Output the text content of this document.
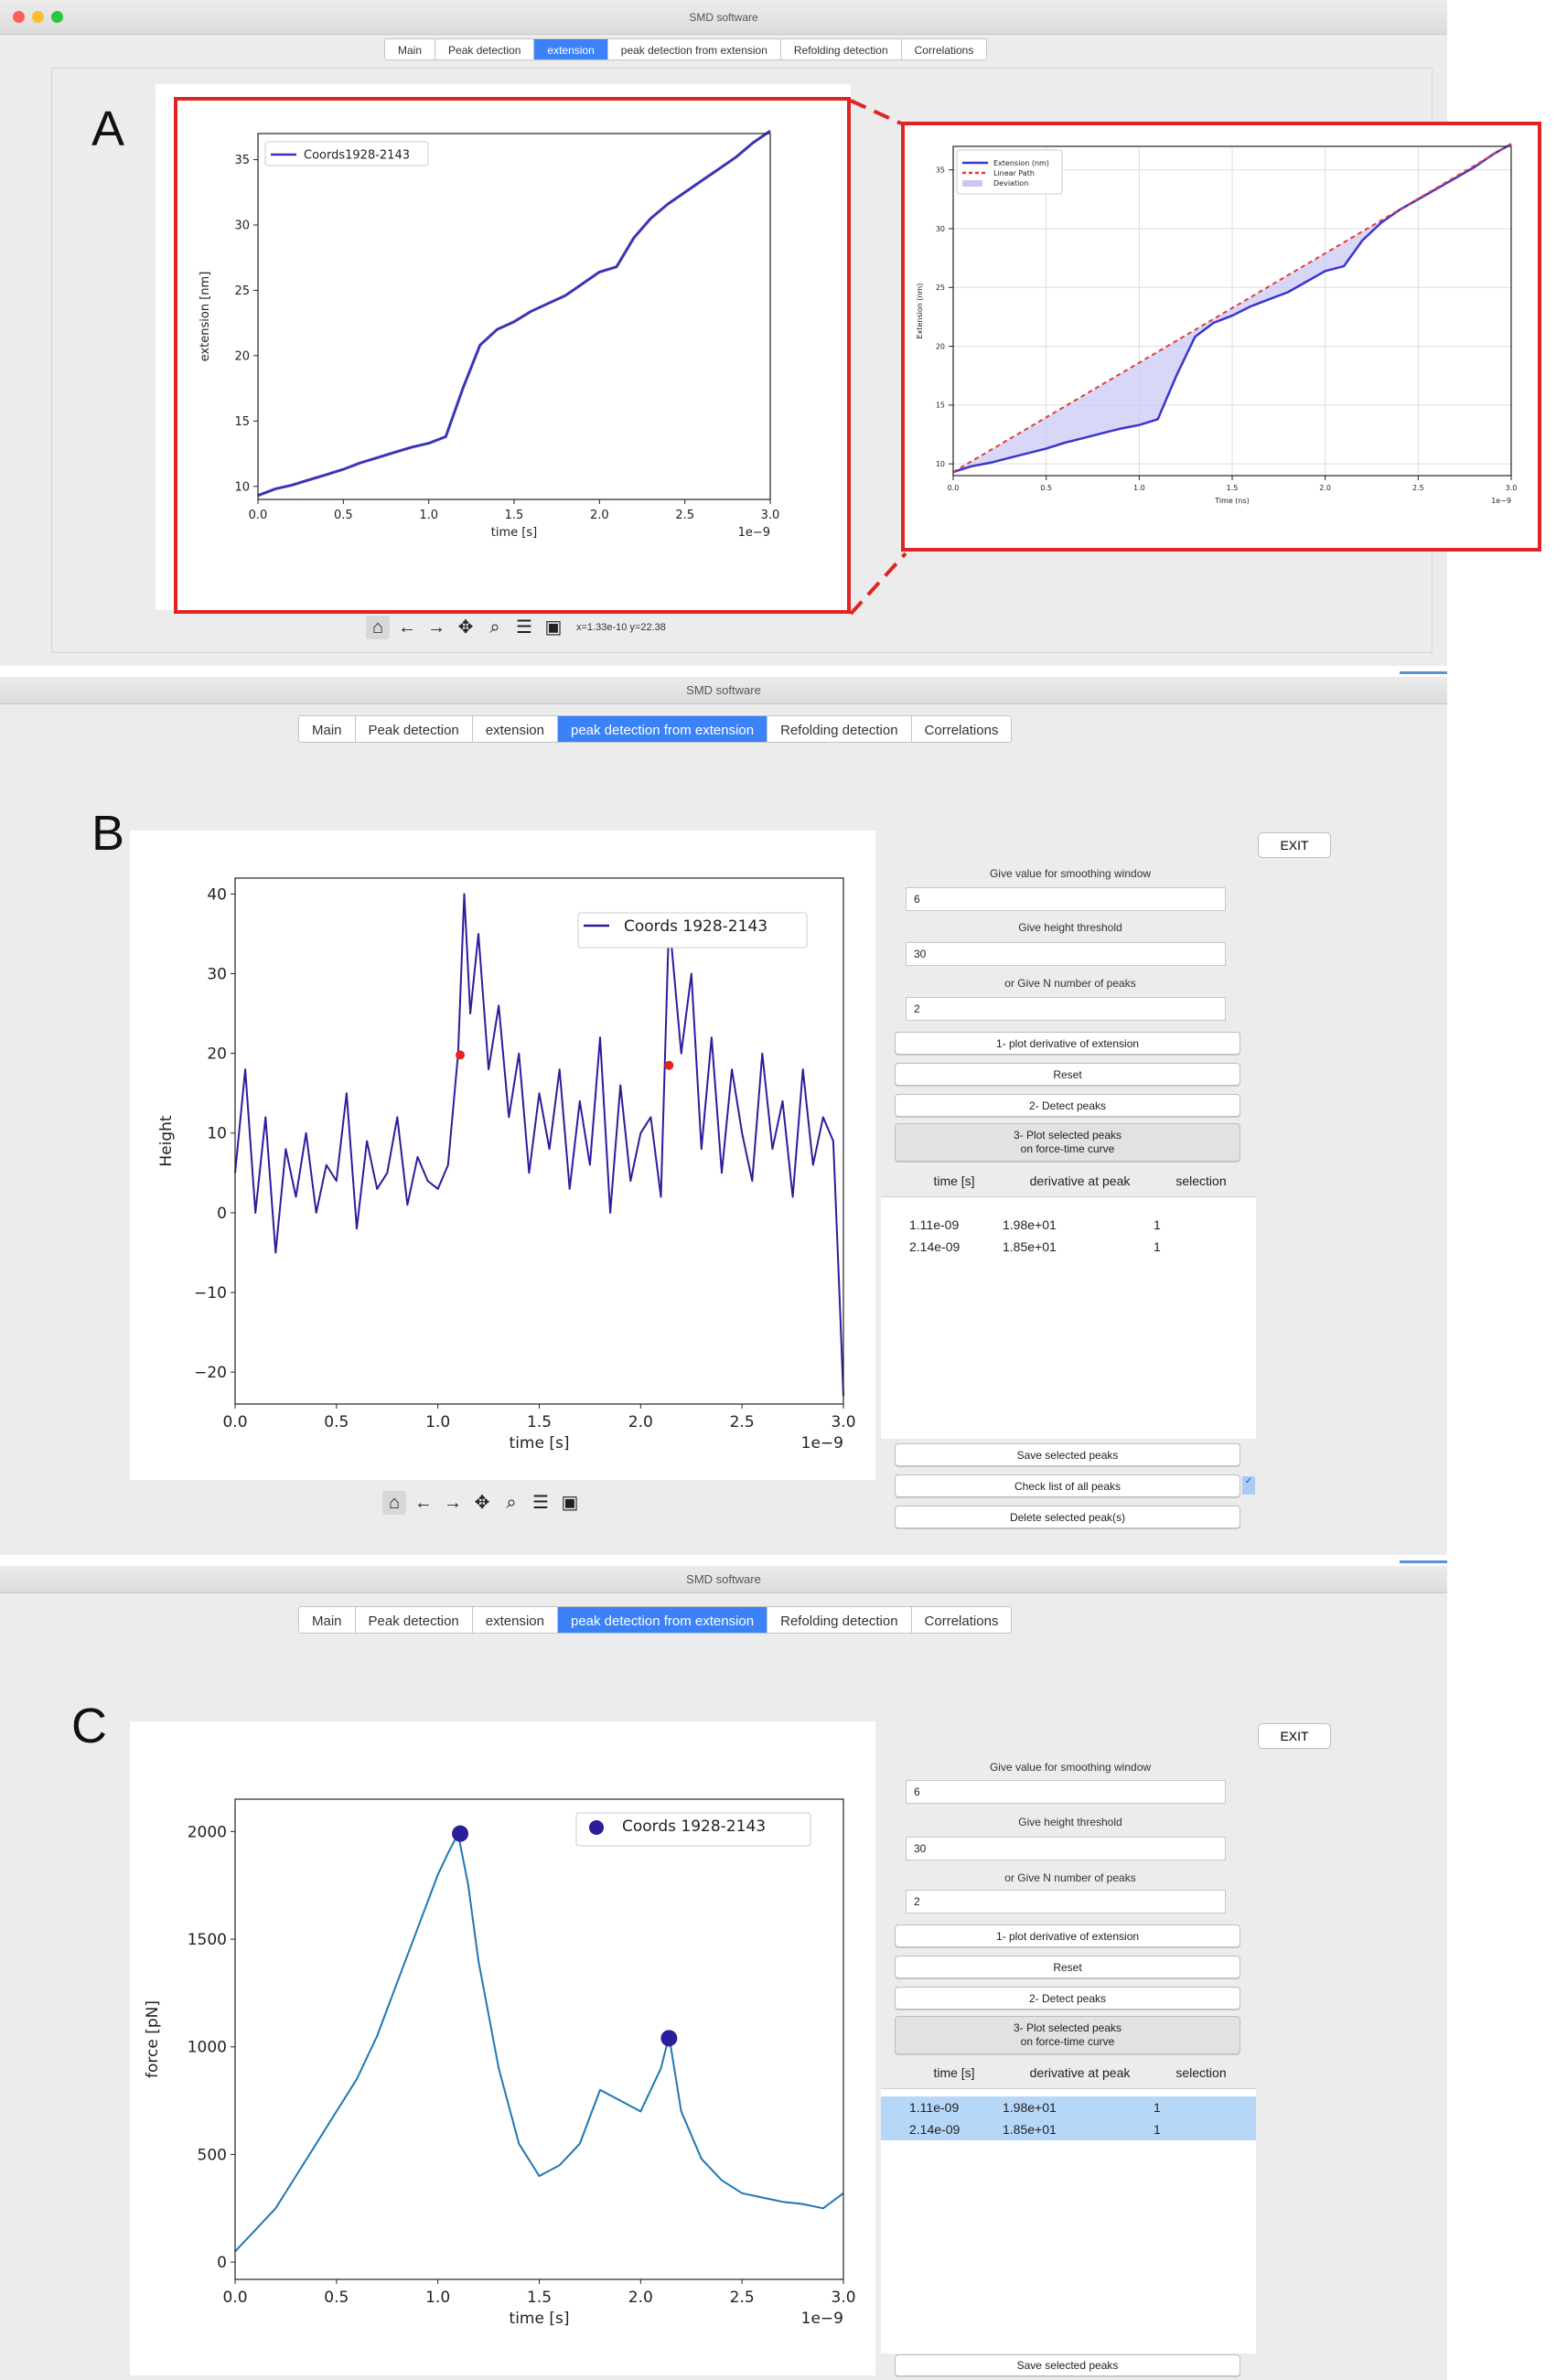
SMD software
Main	Peak detection	extension	peak detection from extension	Refolding detection	Correlations
A
0.0	0.5	1.0	1.5	2.0	2.5	3.0
10
15
20
25
30
35
time [s]	1e−9
extension [nm]
Coords1928-2143
0.0	0.5	1.0	1.5	2.0	2.5	3.0
10
15
20
25
30
35
Time (ns)	1e−9
Extension (nm)
Extension (nm)
Linear Path
Deviation
⌂ ← → ✥ ⌕ ☰ ▣	x=1.33e-10 y=22.38
SMD software
Main	Peak detection	extension	peak detection from extension	Refolding detection	Correlations
B
0.0	0.5	1.0	1.5	2.0	2.5	3.0
−20
−10
0
10
20
30
40
time [s]	1e−9
Height
Coords 1928-2143
⌂ ← → ✥ ⌕ ☰ ▣
EXIT
Give value for smoothing window
6
Give height threshold
30
or Give N number of peaks
2
1- plot derivative of extension
Reset
2- Detect peaks
3- Plot selected peaks
on force-time curve
time [s]	derivative at peak	selection
1.11e-09	1.98e+01	1
2.14e-09	1.85e+01	1
Save selected peaks
Check list of all peaks	✓
Delete selected peak(s)
SMD software
Main	Peak detection	extension	peak detection from extension	Refolding detection	Correlations
C
0.0	0.5	1.0	1.5	2.0	2.5	3.0
0
500
1000
1500
2000
time [s]	1e−9
force [pN]
Coords 1928-2143
EXIT
Give value for smoothing window
6
Give height threshold
30
or Give N number of peaks
2
1- plot derivative of extension
Reset
2- Detect peaks
3- Plot selected peaks
on force-time curve
time [s]	derivative at peak	selection
1.11e-09	1.98e+01	1
2.14e-09	1.85e+01	1
Save selected peaks
